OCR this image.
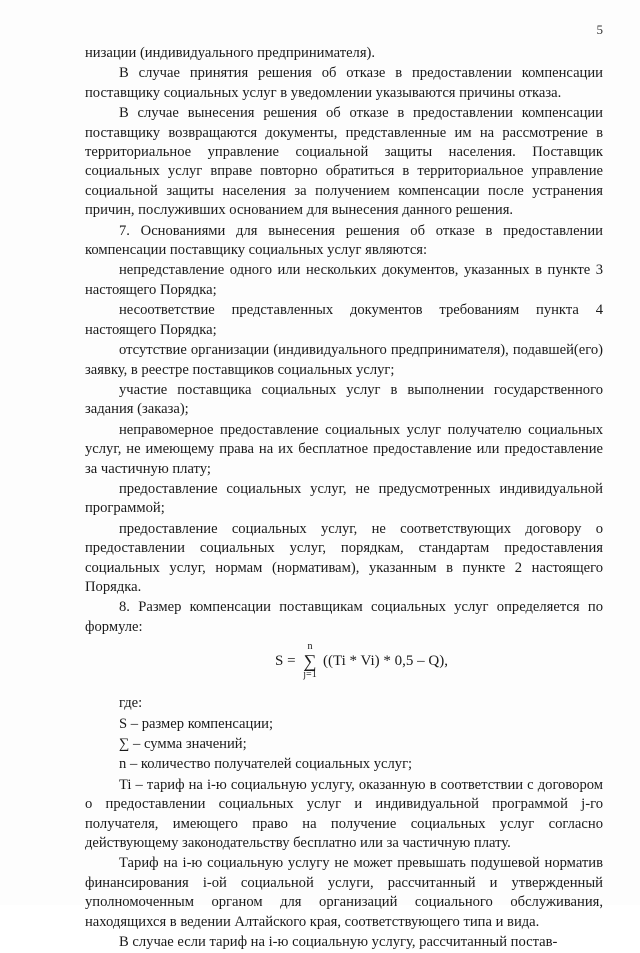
5

низации (индивидуального предпринимателя).

В случае принятия решения об отказе в предоставлении компенсации поставщику социальных услуг в уведомлении указываются причины отказа.

В случае вынесения решения об отказе в предоставлении компенсации поставщику возвращаются документы, представленные им на рассмотрение в территориальное управление социальной защиты населения. Поставщик социальных услуг вправе повторно обратиться в территориальное управление социальной защиты населения за получением компенсации после устранения причин, послуживших основанием для вынесения данного решения.

7. Основаниями для вынесения решения об отказе в предоставлении компенсации поставщику социальных услуг являются:

непредставление одного или нескольких документов, указанных в пункте 3 настоящего Порядка;

несоответствие представленных документов требованиям пункта 4 настоящего Порядка;

отсутствие организации (индивидуального предпринимателя), подавшей(его) заявку, в реестре поставщиков социальных услуг;

участие поставщика социальных услуг в выполнении государственного задания (заказа);

неправомерное предоставление социальных услуг получателю социальных услуг, не имеющему права на их бесплатное предоставление или предоставление за частичную плату;

предоставление социальных услуг, не предусмотренных индивидуальной программой;

предоставление социальных услуг, не соответствующих договору о предоставлении социальных услуг, порядкам, стандартам предоставления социальных услуг, нормам (нормативам), указанным в пункте 2 настоящего Порядка.

8. Размер компенсации поставщикам социальных услуг определяется по формуле:

S =
n
∑
j=1
((Ti * Vi) * 0,5 – Q),

где:

S – размер компенсации;

∑ – сумма значений;

n – количество получателей социальных услуг;

Ti – тариф на i-ю социальную услугу, оказанную в соответствии с договором о предоставлении социальных услуг и индивидуальной программой j-го получателя, имеющего право на получение социальных услуг согласно действующему законодательству бесплатно или за частичную плату.

Тариф на i-ю социальную услугу не может превышать подушевой норматив финансирования i-ой социальной услуги, рассчитанный и утвержденный уполномоченным органом для организаций социального обслуживания, находящихся в ведении Алтайского края, соответствующего типа и вида.

В случае если тариф на i-ю социальную услугу, рассчитанный постав-
